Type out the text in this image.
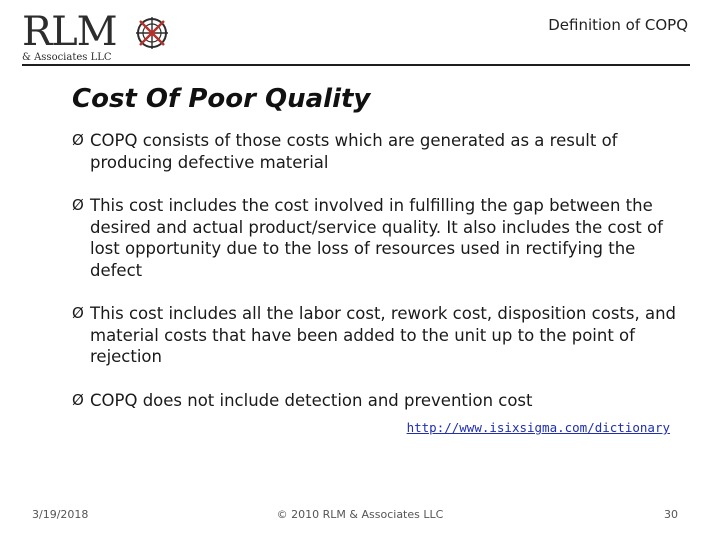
RLM
& Associates LLC
Definition of COPQ
Cost Of Poor Quality
Ø COPQ consists of those costs which are generated as a result of producing defective material
Ø This cost includes the cost involved in fulfilling the gap between the desired and actual product/service quality. It also includes the cost of lost opportunity due to the loss of resources used in rectifying the defect
Ø This cost includes all the labor cost, rework cost, disposition costs, and material costs that have been added to the unit up to the point of rejection
Ø COPQ does not include detection and prevention cost
http://www.isixsigma.com/dictionary
3/19/2018	© 2010 RLM & Associates LLC	30
